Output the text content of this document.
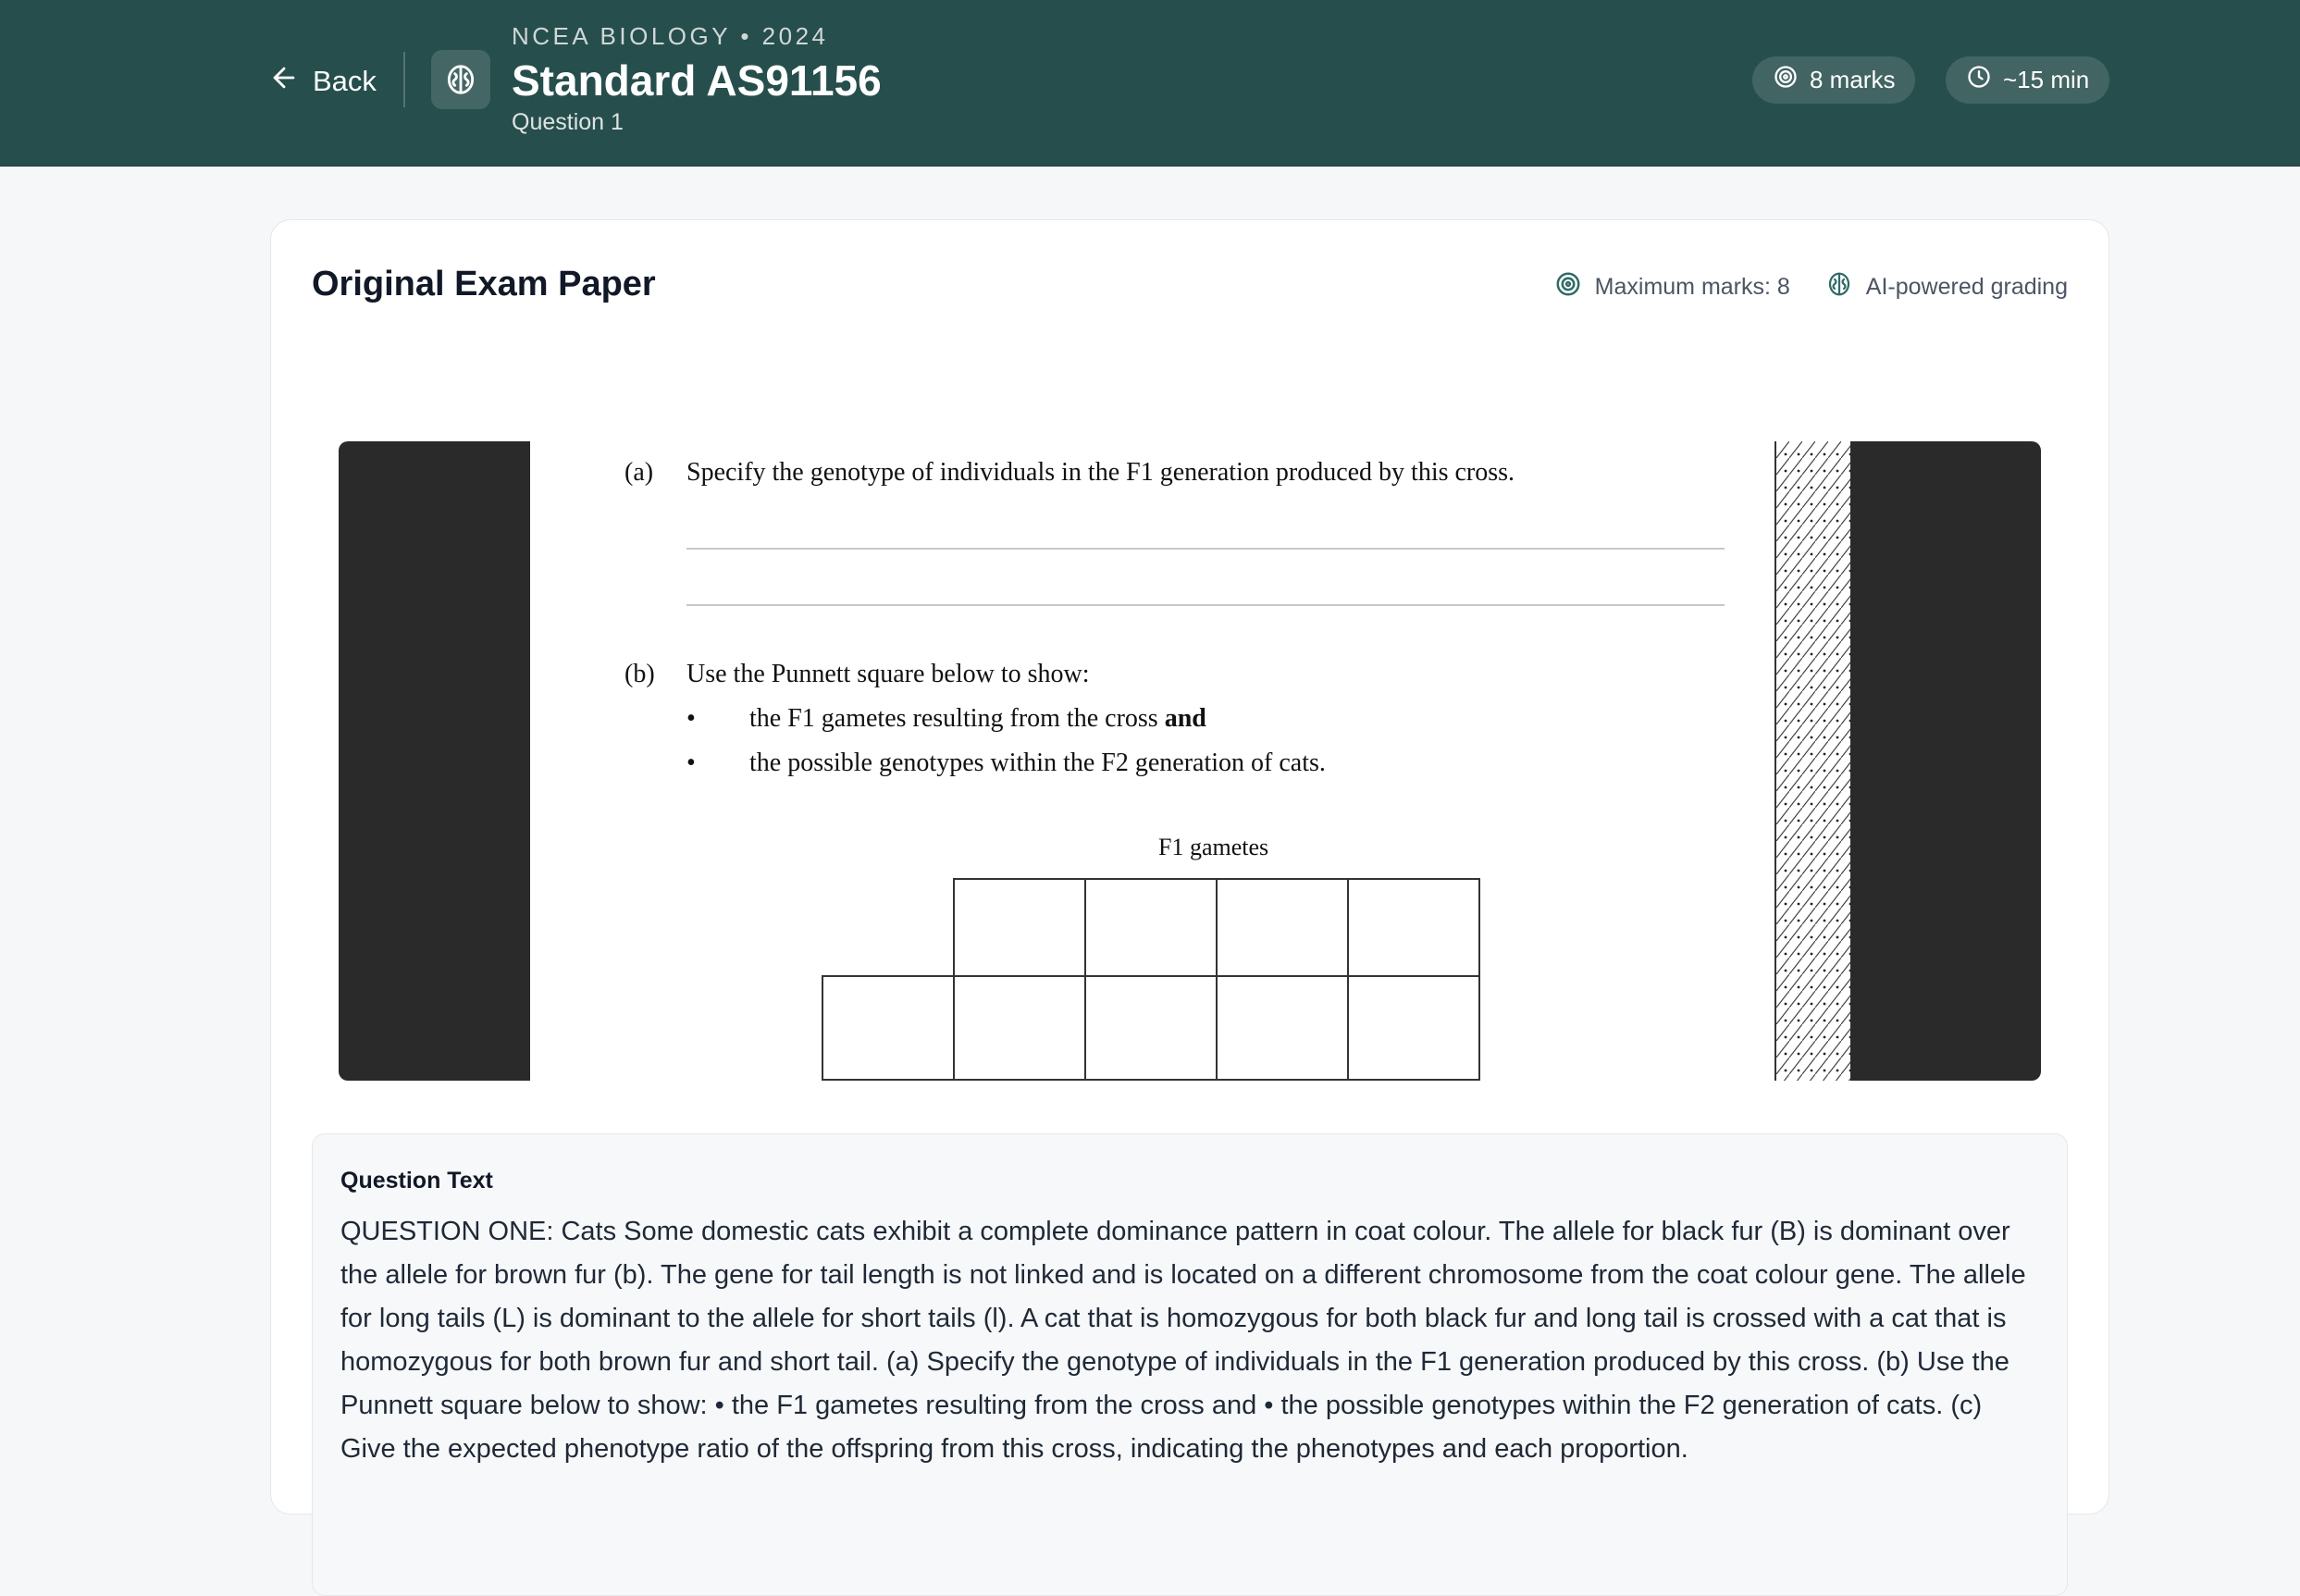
Back
NCEA BIOLOGY • 2024
Standard AS91156
Question 1
8 marks	~15 min
Original Exam Paper	Maximum marks: 8	AI-powered grading
(a) Specify the genotype of individuals in the F1 generation produced by this cross.
(b) Use the Punnett square below to show:
• the F1 gametes resulting from the cross and
• the possible genotypes within the F2 generation of cats.
F1 gametes
Question Text
QUESTION ONE: Cats Some domestic cats exhibit a complete dominance pattern in coat colour. The allele for black fur (B) is dominant over the allele for brown fur (b). The gene for tail length is not linked and is located on a different chromosome from the coat colour gene. The allele for long tails (L) is dominant to the allele for short tails (l). A cat that is homozygous for both black fur and long tail is crossed with a cat that is homozygous for both brown fur and short tail. (a) Specify the genotype of individuals in the F1 generation produced by this cross. (b) Use the Punnett square below to show: • the F1 gametes resulting from the cross and • the possible genotypes within the F2 generation of cats. (c) Give the expected phenotype ratio of the offspring from this cross, indicating the phenotypes and each proportion.
